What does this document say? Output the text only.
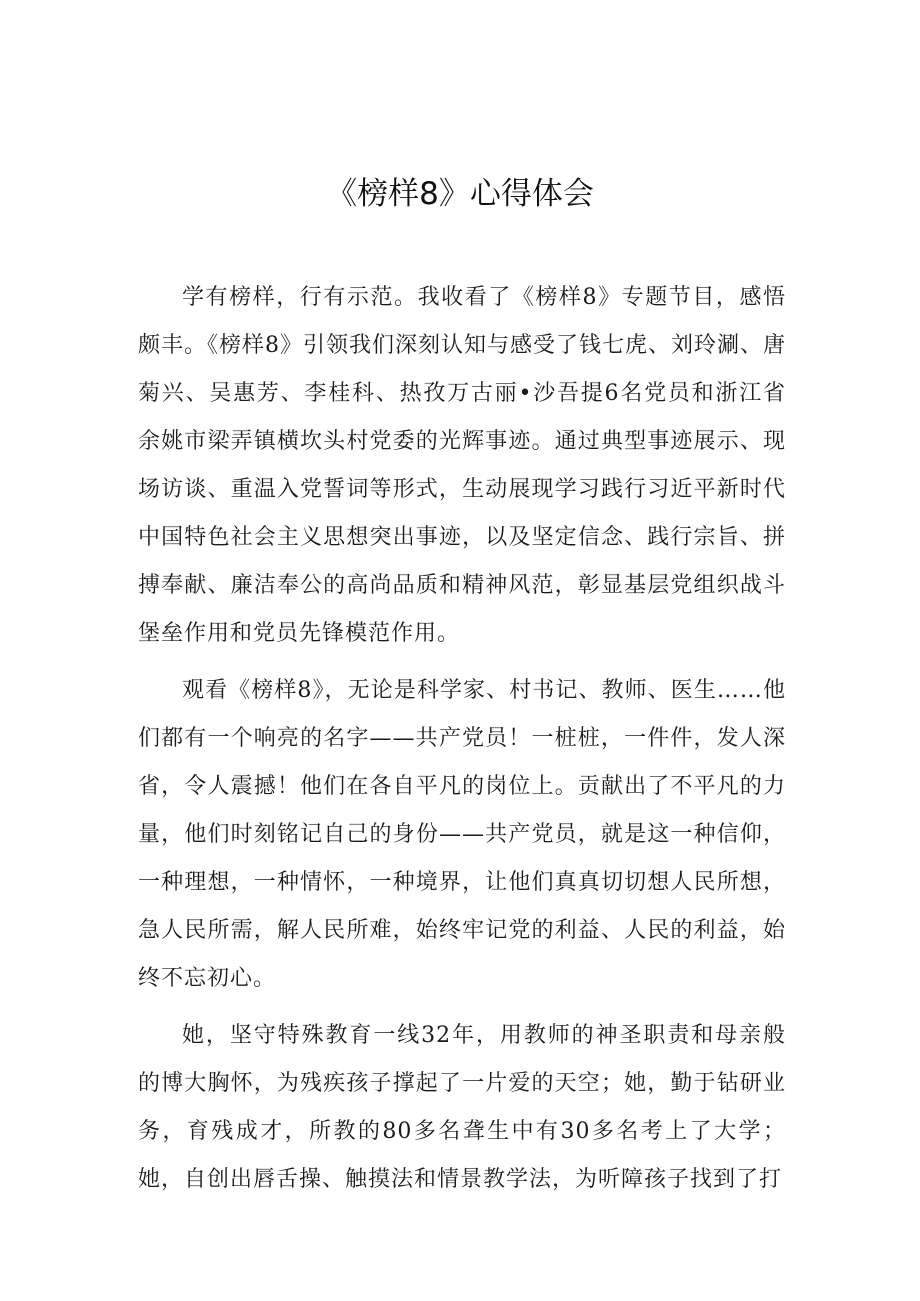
《榜样8》心得体会

学有榜样，行有示范。我收看了《榜样8》专题节目，感悟颇丰。《榜样8》引领我们深刻认知与感受了钱七虎、刘玲涮、唐菊兴、吴惠芳、李桂科、热孜万古丽•沙吾提6名党员和浙江省余姚市梁弄镇横坎头村党委的光辉事迹。通过典型事迹展示、现场访谈、重温入党誓词等形式，生动展现学习践行习近平新时代中国特色社会主义思想突出事迹，以及坚定信念、践行宗旨、拼搏奉献、廉洁奉公的高尚品质和精神风范，彰显基层党组织战斗堡垒作用和党员先锋模范作用。

观看《榜样8》，无论是科学家、村书记、教师、医生……他们都有一个响亮的名字——共产党员！一桩桩，一件件，发人深省，令人震撼！他们在各自平凡的岗位上。贡献出了不平凡的力量，他们时刻铭记自己的身份——共产党员，就是这一种信仰，一种理想，一种情怀，一种境界，让他们真真切切想人民所想，急人民所需，解人民所难，始终牢记党的利益、人民的利益，始终不忘初心。

她，坚守特殊教育一线32年，用教师的神圣职责和母亲般的博大胸怀，为残疾孩子撑起了一片爱的天空；她，勤于钻研业务，育残成才，所教的80多名聋生中有30多名考上了大学；她，自创出唇舌操、触摸法和情景教学法，为听障孩子找到了打
